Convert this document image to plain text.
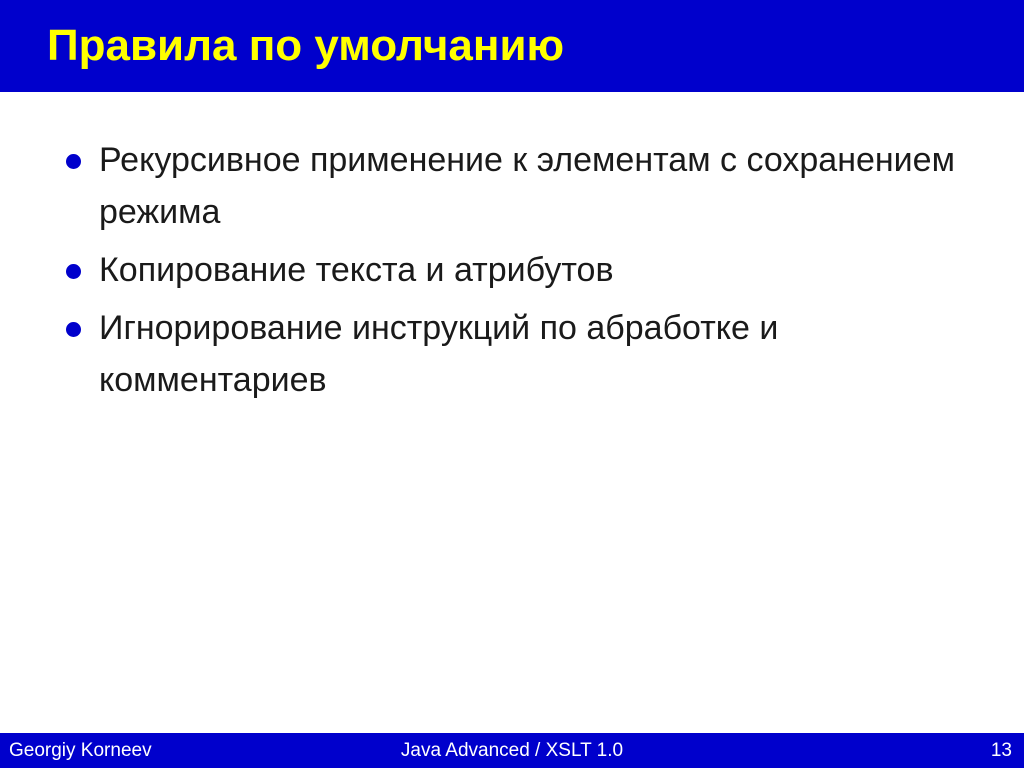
Правила по умолчанию
Рекурсивное применение к элементам с сохранением режима
Копирование текста и атрибутов
Игнорирование инструкций по абработке и комментариев
Georgiy Korneev	Java Advanced / XSLT 1.0	13
